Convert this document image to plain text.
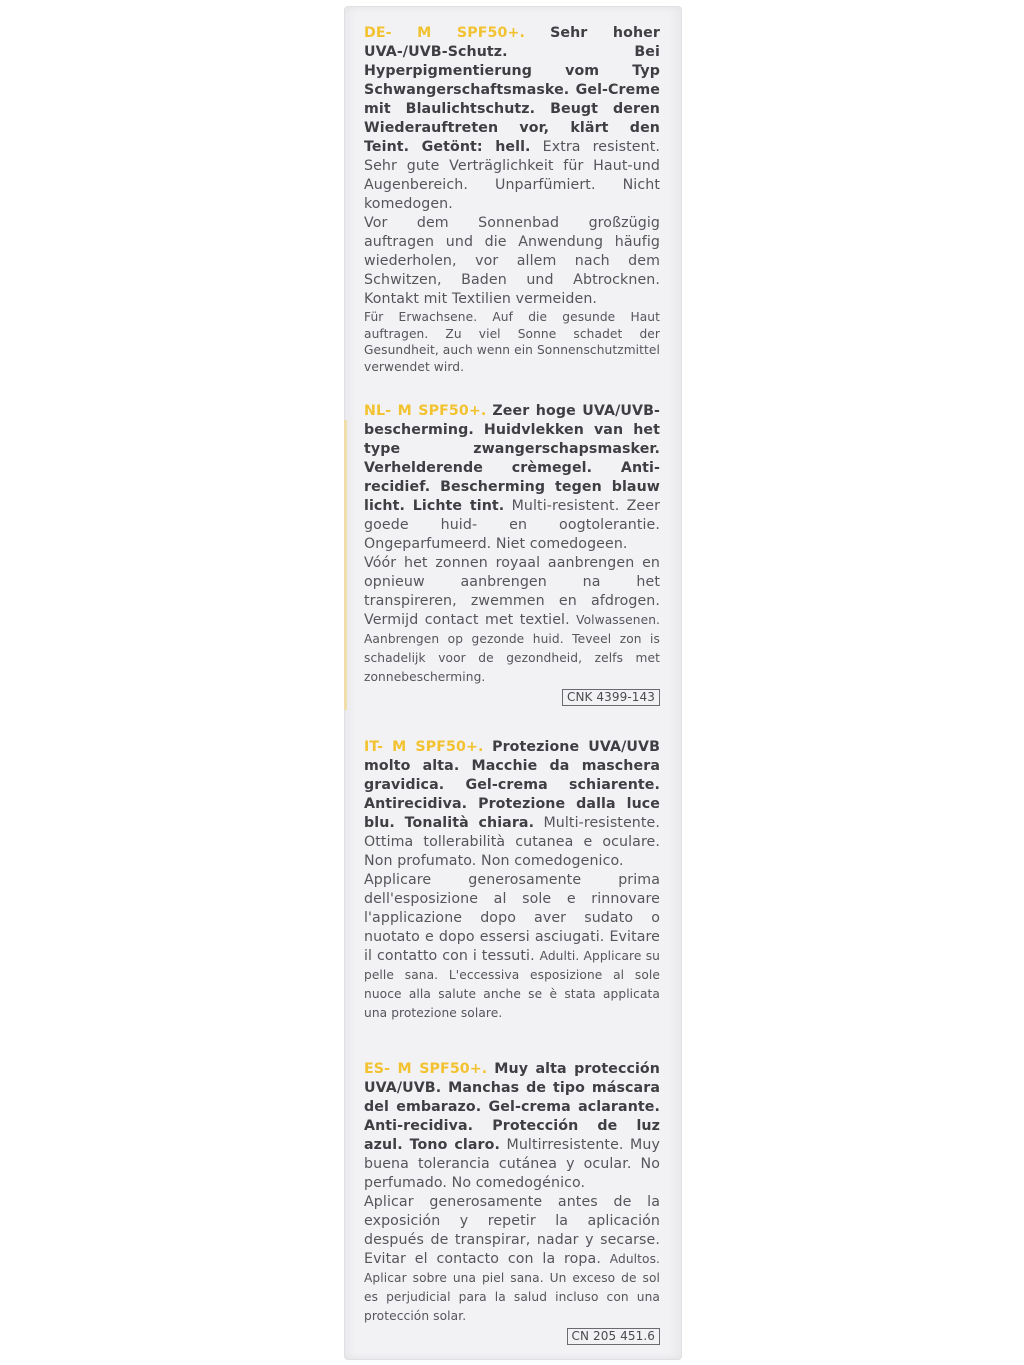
DE- M SPF50+. Sehr hoher UVA-/UVB-Schutz. Bei Hyperpigmentierung vom Typ Schwangerschaftsmaske. Gel-Creme mit Blaulichtschutz. Beugt deren Wiederauftreten vor, klärt den Teint. Getönt: hell. Extra resistent. Sehr gute Verträglichkeit für Haut-und Augenbereich. Unparfümiert. Nicht komedogen.

Vor dem Sonnenbad großzügig auftragen und die Anwendung häufig wiederholen, vor allem nach dem Schwitzen, Baden und Abtrocknen. Kontakt mit Textilien vermeiden.

Für Erwachsene. Auf die gesunde Haut auftragen. Zu viel Sonne schadet der Gesundheit, auch wenn ein Sonnenschutzmittel verwendet wird.

NL- M SPF50+. Zeer hoge UVA/UVB-bescherming. Huidvlekken van het type zwangerschapsmasker. Verhelderende crèmegel. Anti-recidief. Bescherming tegen blauw licht. Lichte tint. Multi-resistent. Zeer goede huid- en oogtolerantie. Ongeparfumeerd. Niet comedogeen.

Vóór het zonnen royaal aanbrengen en opnieuw aanbrengen na het transpireren, zwemmen en afdrogen. Vermijd contact met textiel. Volwassenen. Aanbrengen op gezonde huid. Teveel zon is schadelijk voor de gezondheid, zelfs met zonnebescherming.

CNK 4399-143

IT- M SPF50+. Protezione UVA/UVB molto alta. Macchie da maschera gravidica. Gel-crema schiarente. Antirecidiva. Protezione dalla luce blu. Tonalità chiara. Multi-resistente. Ottima tollerabilità cutanea e oculare. Non profumato. Non comedogenico.

Applicare generosamente prima dell'esposizione al sole e rinnovare l'applicazione dopo aver sudato o nuotato e dopo essersi asciugati. Evitare il contatto con i tessuti. Adulti. Applicare su pelle sana. L'eccessiva esposizione al sole nuoce alla salute anche se è stata applicata una protezione solare.

ES- M SPF50+. Muy alta protección UVA/UVB. Manchas de tipo máscara del embarazo. Gel-crema aclarante. Anti-recidiva. Protección de luz azul. Tono claro. Multirresistente. Muy buena tolerancia cutánea y ocular. No perfumado. No comedogénico.

Aplicar generosamente antes de la exposición y repetir la aplicación después de transpirar, nadar y secarse. Evitar el contacto con la ropa. Adultos. Aplicar sobre una piel sana. Un exceso de sol es perjudicial para la salud incluso con una protección solar.

CN 205 451.6
